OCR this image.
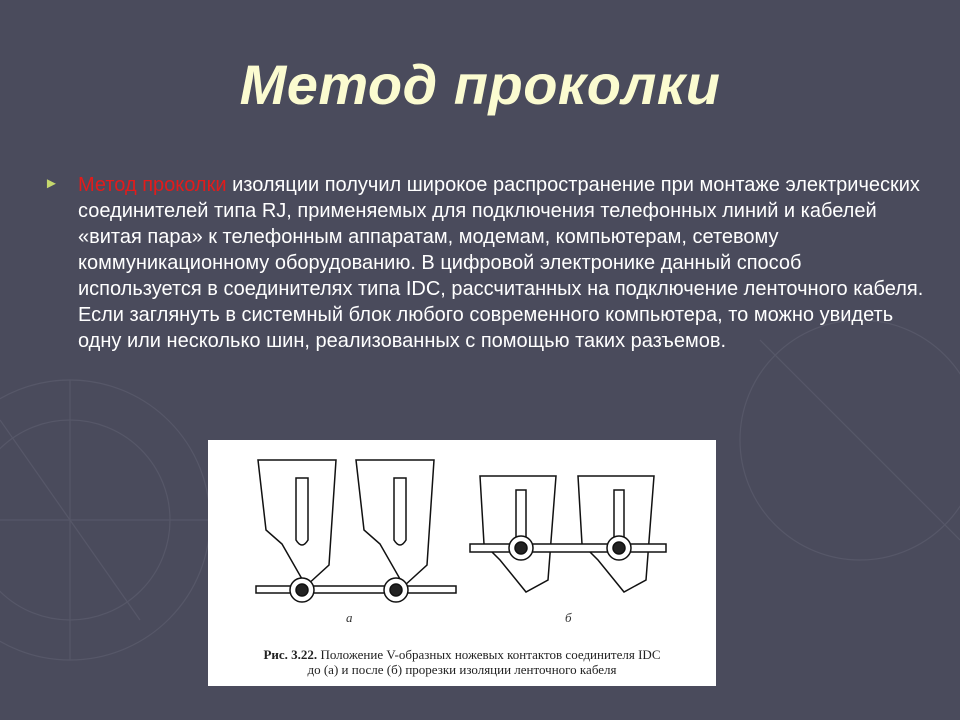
Метод проколки
► Метод проколки изоляции получил широкое распространение при монтаже электрических соединителей типа RJ, применяемых для подключения телефонных линий и кабелей «витая пара» к телефонным аппаратам, модемам, компьютерам, сетевому коммуникационному оборудованию. В цифровой электронике данный способ используется в соединителях типа IDC, рассчитанных на подключение ленточного кабеля. Если заглянуть в системный блок любого современного компьютера, то можно увидеть одну или несколько шин, реализованных с помощью таких разъемов.
а	б
Рис. 3.22. Положение V-образных ножевых контактов соединителя IDC
до (а) и после (б) прорезки изоляции ленточного кабеля
